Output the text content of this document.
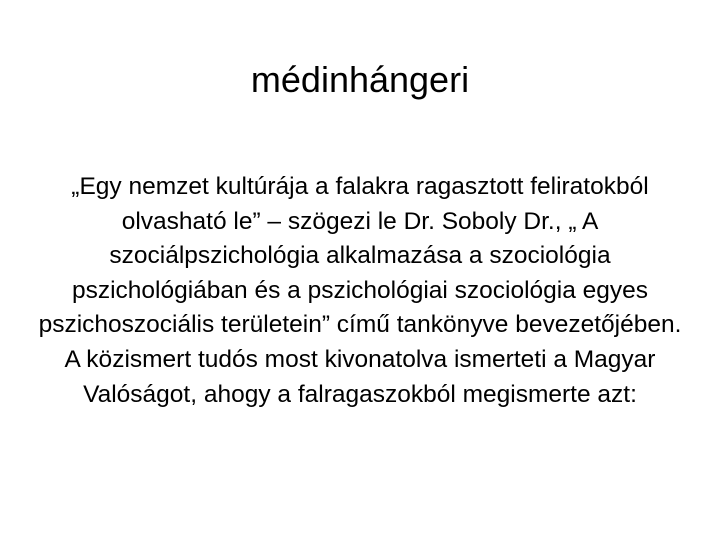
médinhángeri

„Egy nemzet kultúrája a falakra ragasztott feliratokból olvasható le” – szögezi le Dr. Soboly Dr., „ A szociálpszichológia alkalmazása a szociológia pszichológiában és a pszichológiai szociológia egyes pszichoszociális területein” című tankönyve bevezetőjében. A közismert tudós most kivonatolva ismerteti a Magyar Valóságot, ahogy a falragaszokból megismerte azt:
